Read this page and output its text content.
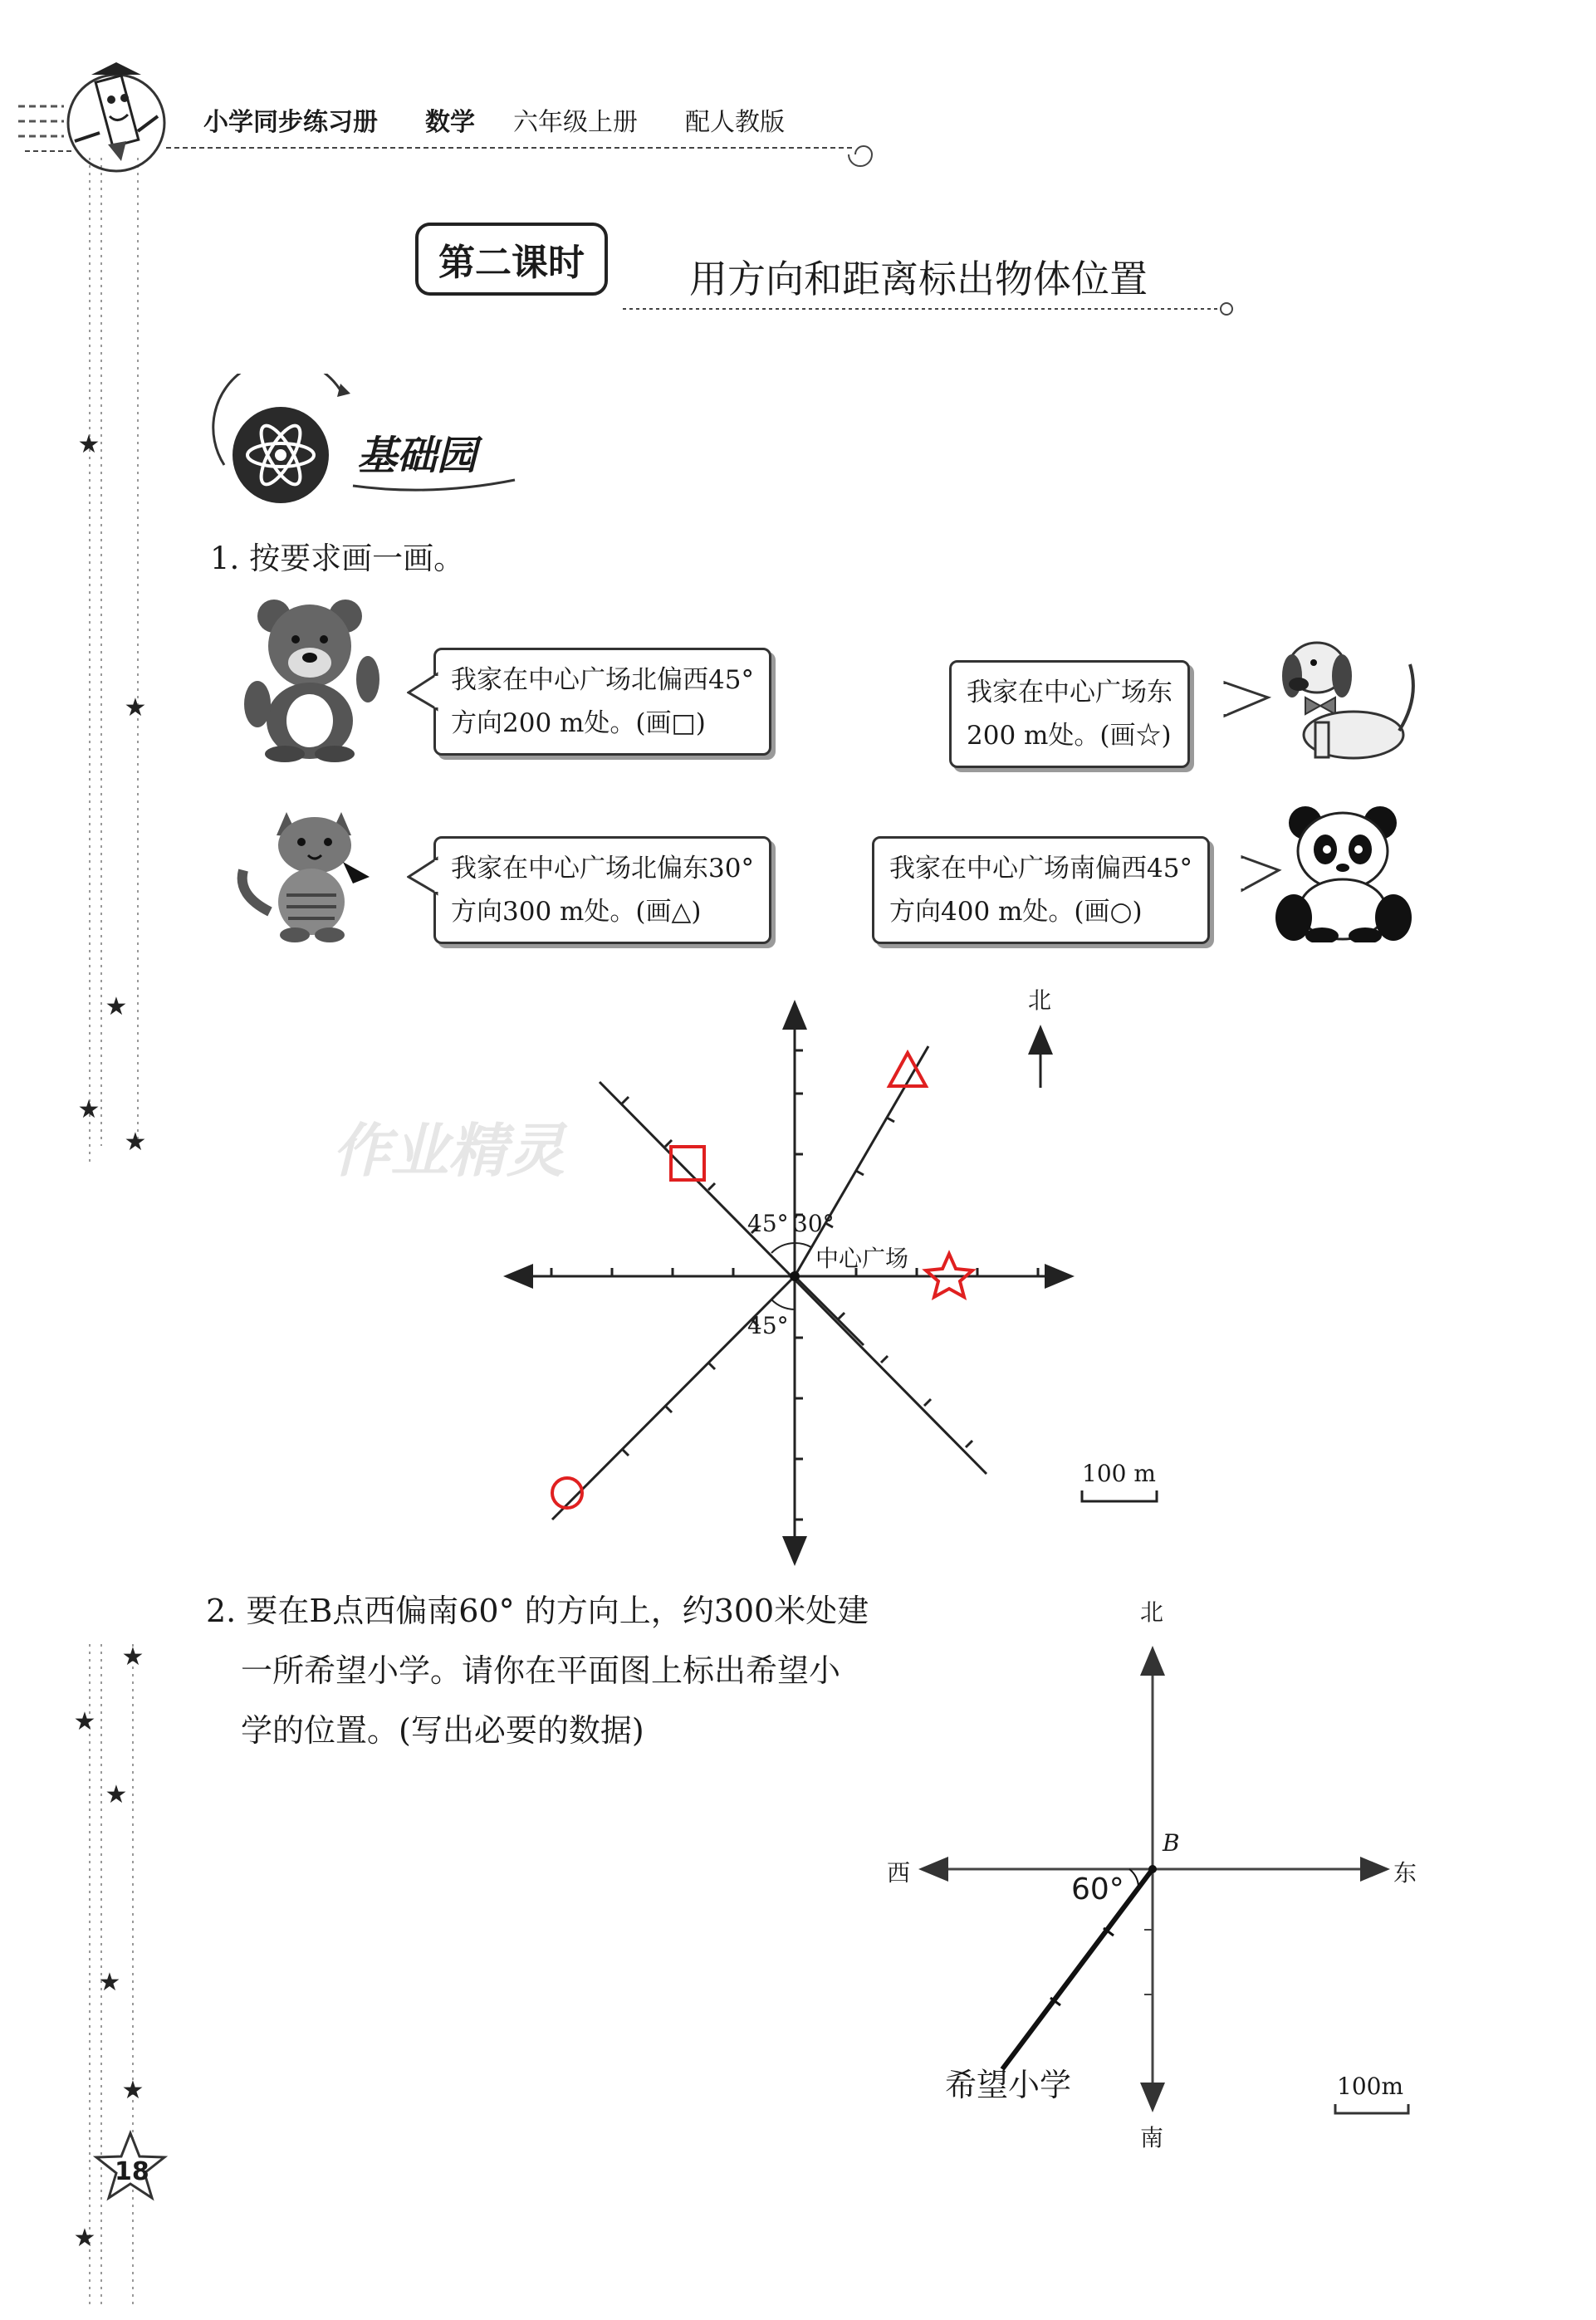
★
★
★
★
★
★
★
★
★
★
★
小学同步练习册 数学 六年级上册 配人教版
第二课时	用方向和距离标出物体位置
基础园
1. 按要求画一画。
我家在中心广场北偏西45°
方向200 m处。(画□)
我家在中心广场东
200 m处。(画☆)
我家在中心广场北偏东30°
方向300 m处。(画△)
我家在中心广场南偏西45°
方向400 m处。(画○)
北
45° 30°
45°
中心广场
100 m
作业精灵
2. 要在B点西偏南60° 的方向上，约300米处建
一所希望小学。请你在平面图上标出希望小
学的位置。(写出必要的数据)
北
南
西	东
B
60°
希望小学	100m
18
